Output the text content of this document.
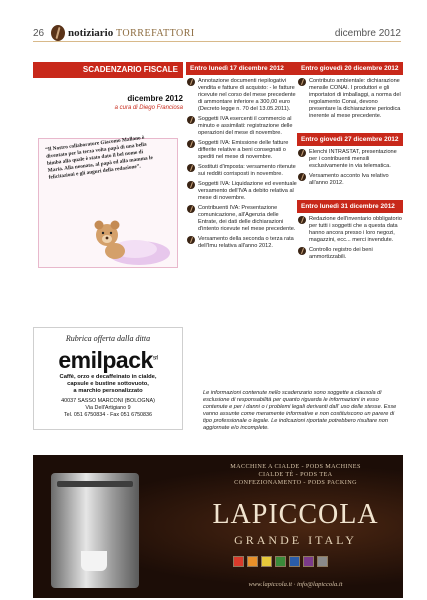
26 notiziario TORREFATTORI	dicembre 2012
SCADENZARIO FISCALE
dicembre 2012
a cura di Diego Franciosa
“Il Nostro collaboratore Giacomo Mallano è diventato per la terza volta papà di una bella bimba alla quale è stato dato il bel nome di Maria. Alla neonata, al papà ed alla mamma le felicitazioni e gli auguri della redazione”.
Entro lunedì 17 dicembre 2012
Annotazione documenti riepilogativi vendita e fatture di acquisto: - le fatture ricevute nel corso del mese precedente di ammontare inferiore a 300,00 euro (Decreto legge n. 70 del 13.05.2011).
Soggetti IVA esercenti il commercio al minuto e assimilati: registrazione delle operazioni del mese di novembre.
Soggetti IVA: Emissione delle fatture differite relative a beni consegnati o spediti nel mese di novembre.
Sostituti d'imposta: versamento ritenute sui redditi corrisposti in novembre.
Soggetti IVA: Liquidazione ed eventuale versamento dell'IVA a debito relativa al mese di novembre.
Contribuenti IVA: Presentazione comunicazione, all'Agenzia delle Entrate, dei dati delle dichiarazioni d'intento ricevute nel mese precedente.
Versamento della seconda o terza rata dell'Imu relativa all'anno 2012.
Entro giovedì 20 dicembre 2012
Contributo ambientale: dichiarazione mensile CONAI. I produttori e gli importatori di imballaggi, a norma del regolamento Conai, devono presentare la dichiarazione periodica inerente al mese precedente.
Entro giovedì 27 dicembre 2012
Elenchi INTRASTAT, presentazione per i contribuenti mensili esclusivamente in via telematica.
Versamento acconto Iva relativo all'anno 2012.
Entro lunedì 31 dicembre 2012
Redazione dell'inventario obbligatorio per tutti i soggetti che a questa data hanno ancora presso i loro negozi, magazzini, ecc... merci invendute.
Controllo registro dei beni ammortizzabili.
Rubrica offerta dalla ditta
emilpack$^{srl}$
Caffè, orzo e decaffeinato in cialde,
capsule e bustine sottovuoto,
a marchio personalizzato
40037 SASSO MARCONI (BOLOGNA)
Via Dell'Artigiano 9
Tel. 051 6750834 - Fax 051 6750836
Le informazioni contenute nello scadenzario sono soggette a clausola di esclusione di responsabilità per quanto riguarda le informazioni in esso contenute e per i danni o i problemi legali derivanti dall' uso delle stesse. Esse vanno assunte come meramente informative e non costituiscono un parere di tipo professionale o legale. Le indicazioni riportate potrebbero risultare non aggiornate e/o incomplete.
MACCHINE A CIALDE - PODS MACHINES
CIALDE TÈ - PODS TEA
CONFEZIONAMENTO - PODS PACKING
LAPICCOLA
GRANDE ITALY
www.lapiccola.it · info@lapiccola.it
